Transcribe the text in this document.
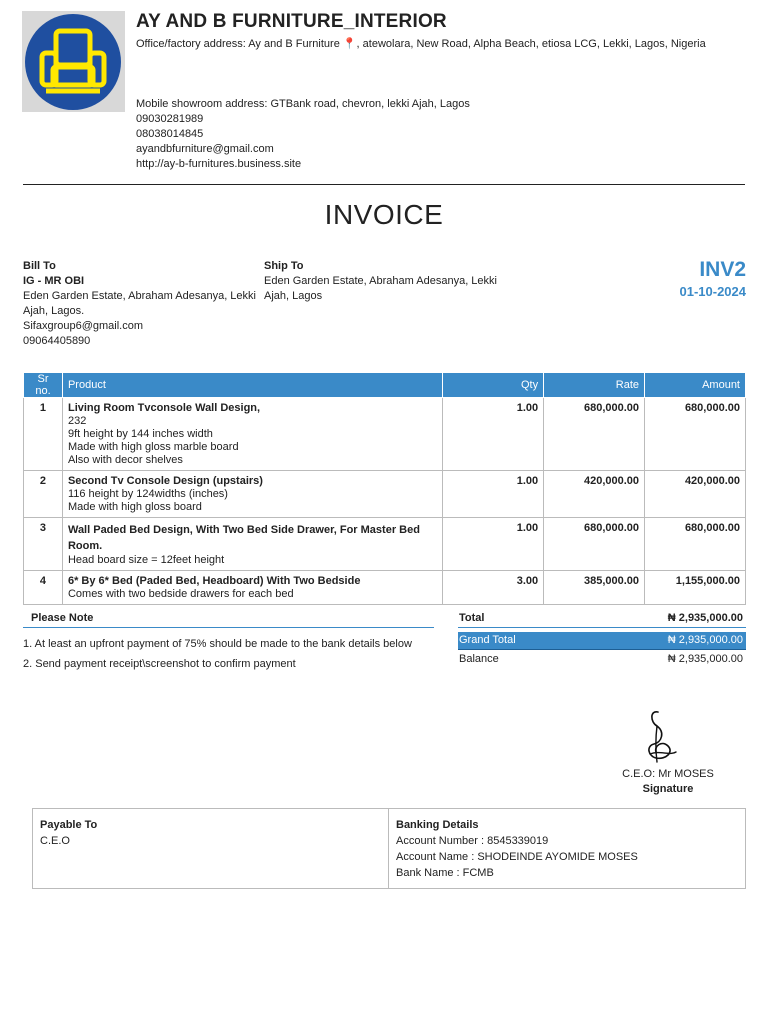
AY AND B FURNITURE_INTERIOR
Office/factory address: Ay and B Furniture 📍, atewolara, New Road, Alpha Beach, etiosa LCG, Lekki, Lagos, Nigeria
Mobile showroom address: GTBank road, chevron, lekki Ajah, Lagos
09030281989
08038014845
ayandbfurniture@gmail.com
http://ay-b-furnitures.business.site
INVOICE
Bill To
IG - MR OBI
Eden Garden Estate, Abraham Adesanya, Lekki Ajah, Lagos.
Sifaxgroup6@gmail.com
09064405890
Ship To
Eden Garden Estate, Abraham Adesanya, Lekki Ajah, Lagos
INV2
01-10-2024
Sr no.	Product	Qty	Rate	Amount
1	Living Room Tvconsole Wall Design,
232
9ft height by 144 inches width
Made with high gloss marble board
Also with decor shelves	1.00	680,000.00	680,000.00
2	Second Tv Console Design (upstairs)
116 height by 124widths (inches)
Made with high gloss board	1.00	420,000.00	420,000.00
3	Wall Paded Bed Design, With Two Bed Side Drawer, For Master Bed Room.
Head board size = 12feet height	1.00	680,000.00	680,000.00
4	6* By 6* Bed (Paded Bed, Headboard) With Two Bedside
Comes with two bedside drawers for each bed	3.00	385,000.00	1,155,000.00
Please Note
1. At least an upfront payment of 75% should be made to the bank details below
2. Send payment receipt\screenshot to confirm payment
Total	₦ 2,935,000.00
Grand Total	₦ 2,935,000.00
Balance	₦ 2,935,000.00
C.E.O: Mr MOSES
Signature
Payable To
C.E.O
Banking Details
Account Number : 8545339019
Account Name : SHODEINDE AYOMIDE MOSES
Bank Name : FCMB
